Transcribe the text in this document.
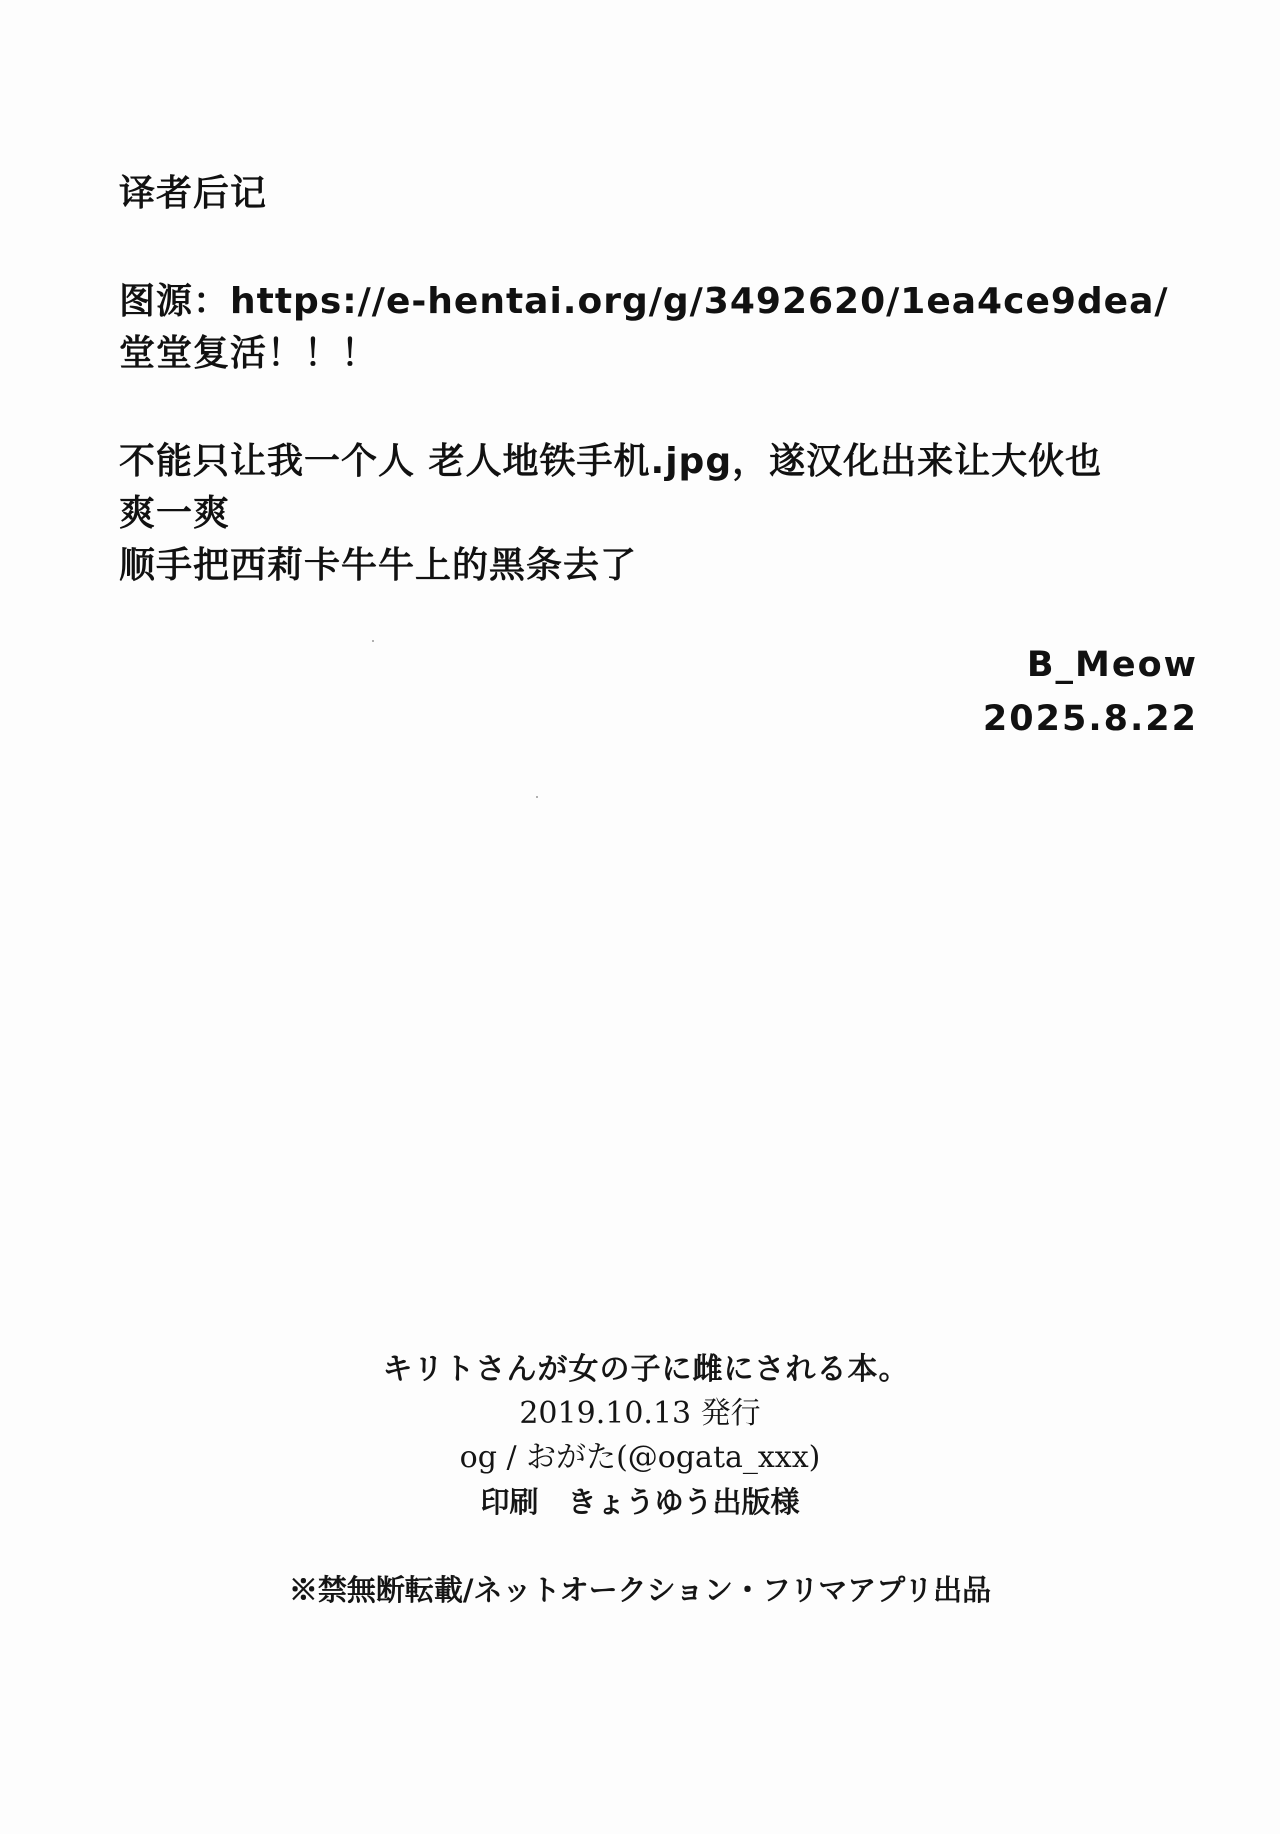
译者后记
图源：https://e-hentai.org/g/3492620/1ea4ce9dea/
堂堂复活！！！
不能只让我一个人 老人地铁手机.jpg，遂汉化出来让大伙也
爽一爽
顺手把西莉卡牛牛上的黑条去了
B_Meow
2025.8.22
キリトさんが女の子に雌にされる本。
2019.10.13 発行
og / おがた(@ogata_xxx)
印刷　きょうゆう出版様
※禁無断転載/ネットオークション・フリマアプリ出品
